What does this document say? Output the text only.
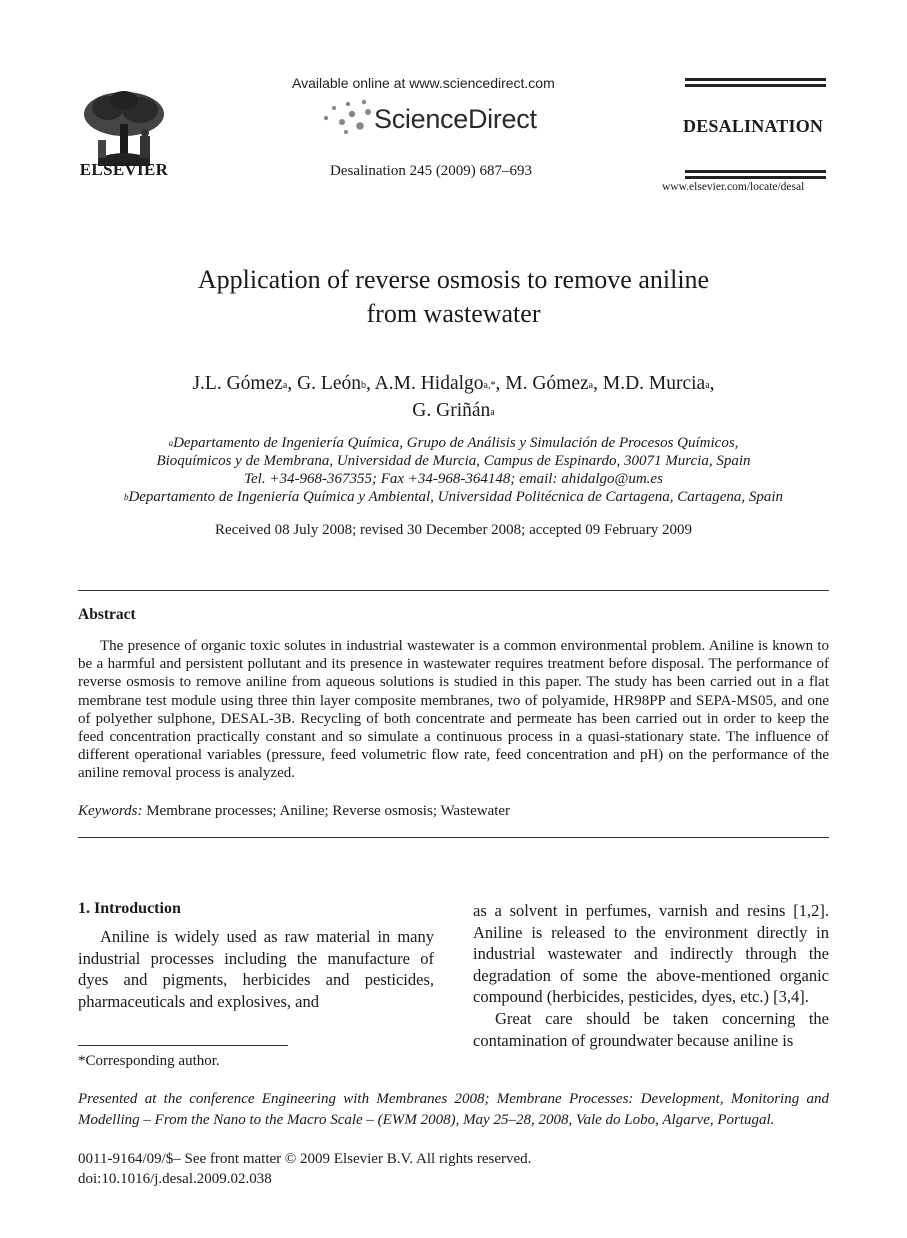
ELSEVIER
Available online at www.sciencedirect.com
ScienceDirect
Desalination 245 (2009) 687–693
DESALINATION
www.elsevier.com/locate/desal
Application of reverse osmosis to remove aniline
from wastewater
J.L. Gómez$^a$, G. León$^b$, A.M. Hidalgo$^{a,*}$, M. Gómez$^a$, M.D. Murcia$^a$,
G. Griñán$^a$
$^a$Departamento de Ingeniería Química, Grupo de Análisis y Simulación de Procesos Químicos,
Bioquímicos y de Membrana, Universidad de Murcia, Campus de Espinardo, 30071 Murcia, Spain
Tel. +34-968-367355; Fax +34-968-364148; email: ahidalgo@um.es
$^b$Departamento de Ingeniería Química y Ambiental, Universidad Politécnica de Cartagena, Cartagena, Spain
Received 08 July 2008; revised 30 December 2008; accepted 09 February 2009
Abstract
The presence of organic toxic solutes in industrial wastewater is a common environmental problem. Aniline is known to be a harmful and persistent pollutant and its presence in wastewater requires treatment before disposal. The performance of reverse osmosis to remove aniline from aqueous solutions is studied in this paper. The study has been carried out in a flat membrane test module using three thin layer composite membranes, two of polyamide, HR98PP and SEPA-MS05, and one of polyether sulphone, DESAL-3B. Recycling of both concentrate and permeate has been carried out in order to keep the feed concentration practically constant and so simulate a continuous process in a quasi-stationary state. The influence of different operational variables (pressure, feed volumetric flow rate, feed concentration and pH) on the performance of the aniline removal process is analyzed.
Keywords: Membrane processes; Aniline; Reverse osmosis; Wastewater
1. Introduction

Aniline is widely used as raw material in many industrial processes including the manufacture of dyes and pigments, herbicides and pesticides, pharmaceuticals and explosives, and

as a solvent in perfumes, varnish and resins [1,2]. Aniline is released to the environment directly in industrial wastewater and indirectly through the degradation of some the above-mentioned organic compound (herbicides, pesticides, dyes, etc.) [3,4].

Great care should be taken concerning the contamination of groundwater because aniline is

*Corresponding author.
Presented at the conference Engineering with Membranes 2008; Membrane Processes: Development, Monitoring and Modelling – From the Nano to the Macro Scale – (EWM 2008), May 25–28, 2008, Vale do Lobo, Algarve, Portugal.
0011-9164/09/$– See front matter © 2009 Elsevier B.V. All rights reserved.
doi:10.1016/j.desal.2009.02.038
